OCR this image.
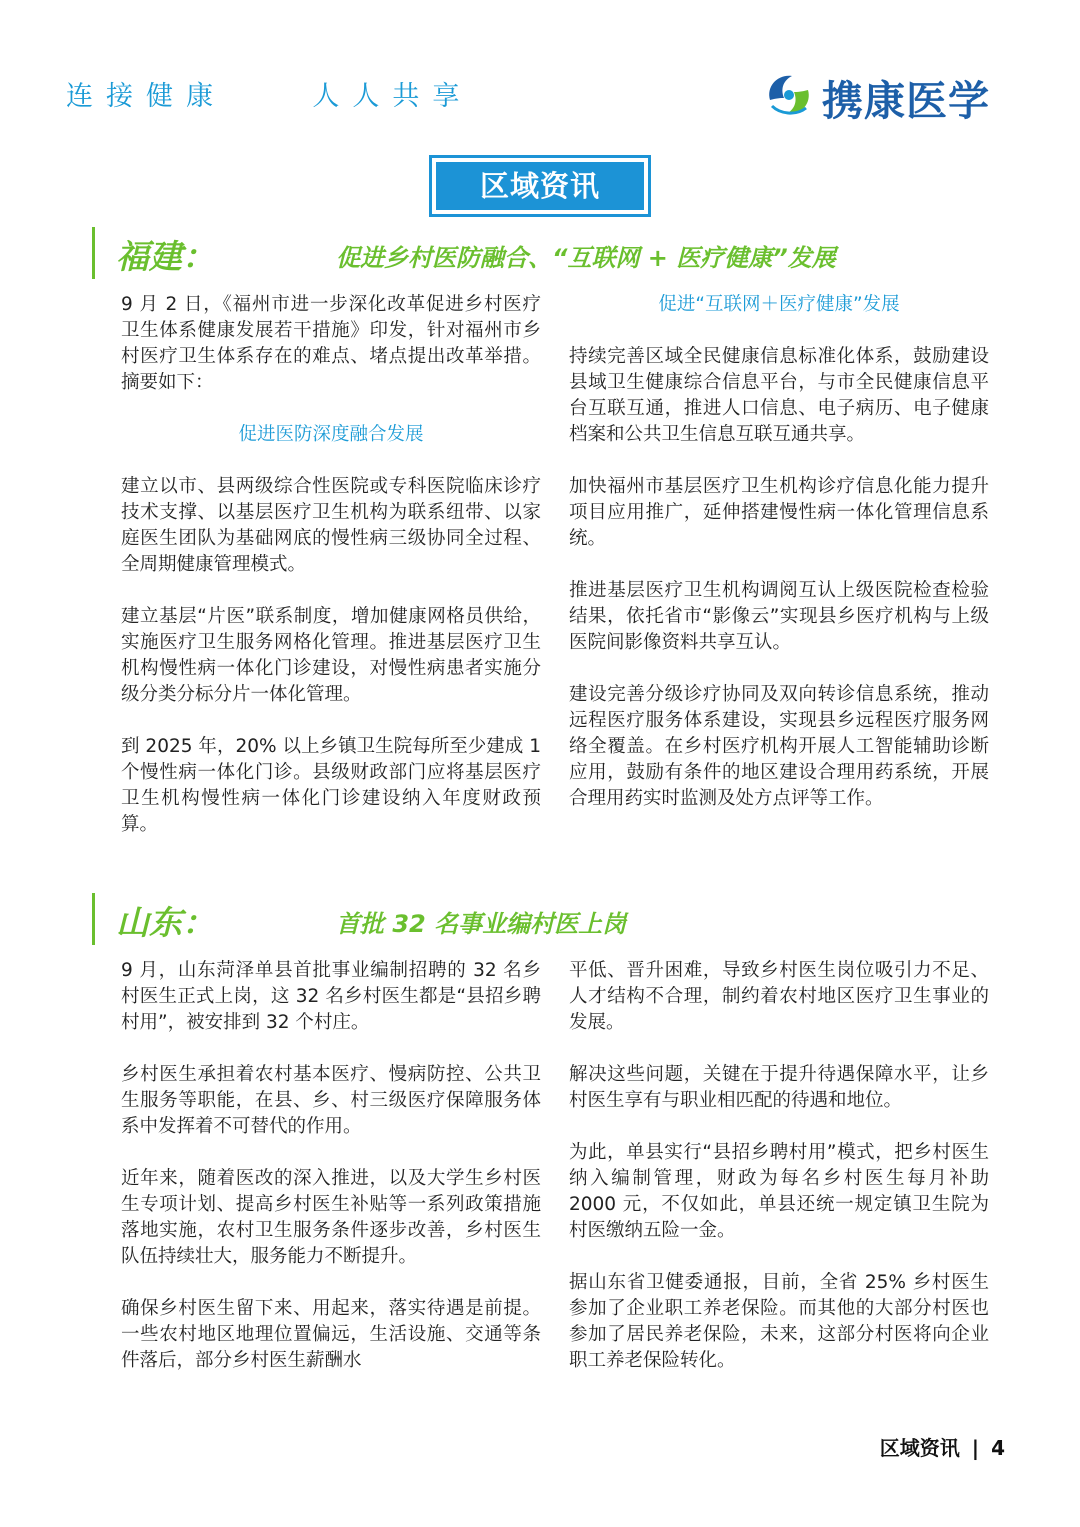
连接健康    人人共享	携康医学
区域资讯
福建：	促进乡村医防融合、“互联网 + 医疗健康”发展

9 月 2 日，《福州市进一步深化改革促进乡村医疗卫生体系健康发展若干措施》印发，针对福州市乡村医疗卫生体系存在的难点、堵点提出改革举措。摘要如下：

促进医防深度融合发展

建立以市、县两级综合性医院或专科医院临床诊疗技术支撑、以基层医疗卫生机构为联系纽带、以家庭医生团队为基础网底的慢性病三级协同全过程、全周期健康管理模式。

建立基层“片医”联系制度，增加健康网格员供给，实施医疗卫生服务网格化管理。推进基层医疗卫生机构慢性病一体化门诊建设，对慢性病患者实施分级分类分标分片一体化管理。

到 2025 年，20% 以上乡镇卫生院每所至少建成 1 个慢性病一体化门诊。县级财政部门应将基层医疗卫生机构慢性病一体化门诊建设纳入年度财政预算。

促进“互联网＋医疗健康”发展

持续完善区域全民健康信息标准化体系，鼓励建设县域卫生健康综合信息平台，与市全民健康信息平台互联互通，推进人口信息、电子病历、电子健康档案和公共卫生信息互联互通共享。

加快福州市基层医疗卫生机构诊疗信息化能力提升项目应用推广，延伸搭建慢性病一体化管理信息系统。

推进基层医疗卫生机构调阅互认上级医院检查检验结果，依托省市“影像云”实现县乡医疗机构与上级医院间影像资料共享互认。

建设完善分级诊疗协同及双向转诊信息系统，推动远程医疗服务体系建设，实现县乡远程医疗服务网络全覆盖。在乡村医疗机构开展人工智能辅助诊断应用，鼓励有条件的地区建设合理用药系统，开展合理用药实时监测及处方点评等工作。

山东：	首批 32 名事业编村医上岗

9 月，山东菏泽单县首批事业编制招聘的 32 名乡村医生正式上岗，这 32 名乡村医生都是“县招乡聘村用”，被安排到 32 个村庄。

乡村医生承担着农村基本医疗、慢病防控、公共卫生服务等职能，在县、乡、村三级医疗保障服务体系中发挥着不可替代的作用。

近年来，随着医改的深入推进，以及大学生乡村医生专项计划、提高乡村医生补贴等一系列政策措施落地实施，农村卫生服务条件逐步改善，乡村医生队伍持续壮大，服务能力不断提升。

确保乡村医生留下来、用起来，落实待遇是前提。一些农村地区地理位置偏远，生活设施、交通等条件落后，部分乡村医生薪酬水

平低、晋升困难，导致乡村医生岗位吸引力不足、人才结构不合理，制约着农村地区医疗卫生事业的发展。

解决这些问题，关键在于提升待遇保障水平，让乡村医生享有与职业相匹配的待遇和地位。

为此，单县实行“县招乡聘村用”模式，把乡村医生纳入编制管理，财政为每名乡村医生每月补助 2000 元，不仅如此，单县还统一规定镇卫生院为村医缴纳五险一金。

据山东省卫健委通报，目前，全省 25% 乡村医生参加了企业职工养老保险。而其他的大部分村医也参加了居民养老保险，未来，这部分村医将向企业职工养老保险转化。

区域资讯 | 4
